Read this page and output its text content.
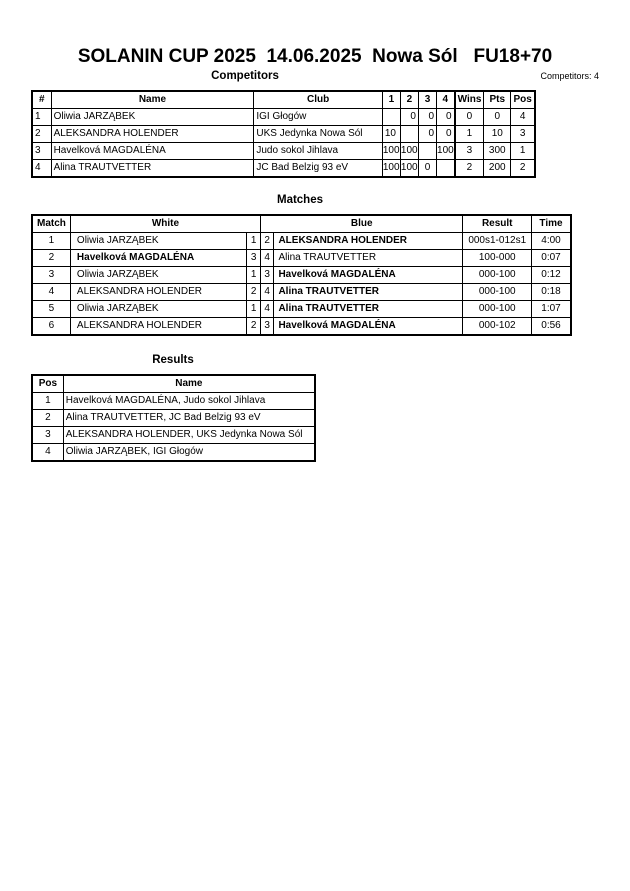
SOLANIN CUP 2025  14.06.2025  Nowa Sól   FU18+70
Competitors	Competitors: 4
#	Name	Club	1	2	3	4	Wins	Pts	Pos
1	Oliwia JARZĄBEK	IGI Głogów		0	0	0	0	0	4
2	ALEKSANDRA HOLENDER	UKS Jedynka Nowa Sól	10		0	0	1	10	3
3	Havelková MAGDALÉNA	Judo sokol Jihlava	100	100		100	3	300	1
4	Alina TRAUTVETTER	JC Bad Belzig 93 eV	100	100	0		2	200	2
Matches
Match	White		Blue		Result	Time
1	Oliwia JARZĄBEK	1	2	ALEKSANDRA HOLENDER	000s1-012s1	4:00
2	Havelková MAGDALÉNA	3	4	Alina TRAUTVETTER	100-000	0:07
3	Oliwia JARZĄBEK	1	3	Havelková MAGDALÉNA	000-100	0:12
4	ALEKSANDRA HOLENDER	2	4	Alina TRAUTVETTER	000-100	0:18
5	Oliwia JARZĄBEK	1	4	Alina TRAUTVETTER	000-100	1:07
6	ALEKSANDRA HOLENDER	2	3	Havelková MAGDALÉNA	000-102	0:56
Results
Pos	Name
1	Havelková MAGDALÉNA, Judo sokol Jihlava
2	Alina TRAUTVETTER, JC Bad Belzig 93 eV
3	ALEKSANDRA HOLENDER, UKS Jedynka Nowa Sól
4	Oliwia JARZĄBEK, IGI Głogów
